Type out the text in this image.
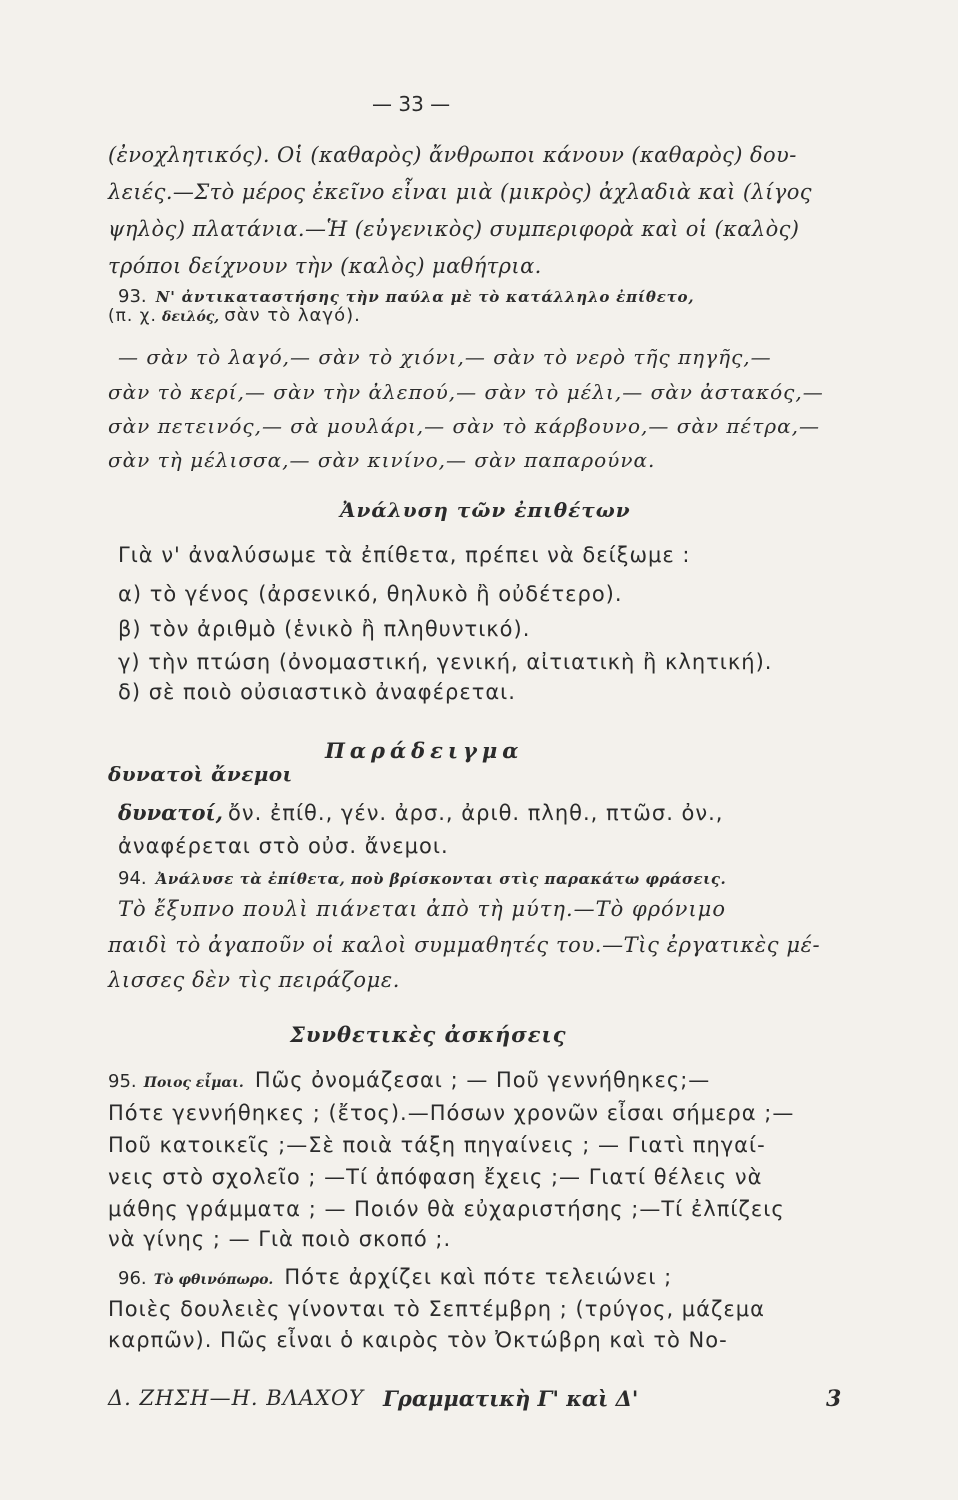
— 33 —
(ἐνοχλητικός). Οἱ (καθαρὸς) ἄνθρωποι κάνουν (καθαρὸς) δου-
λειές.—Στὸ μέρος ἐκεῖνο εἶναι μιὰ (μικρὸς) ἀχλαδιὰ καὶ (λίγος
ψηλὸς) πλατάνια.—Ἡ (εὐγενικὸς) συμπεριφορὰ καὶ οἱ (καλὸς)
τρόποι δείχνουν τὴν (καλὸς) μαθήτρια.
93. Ν' ἀντικαταστήσης τὴν παύλα μὲ τὸ κατάλληλο ἐπίθετο,
(π. χ. δειλός, σὰν τὸ λαγό).
— σὰν τὸ λαγό,— σὰν τὸ χιόνι,— σὰν τὸ νερὸ τῆς πηγῆς,—
σὰν τὸ κερί,— σὰν τὴν ἀλεπού,— σὰν τὸ μέλι,— σὰν ἀστακός,—
σὰν πετεινός,— σὰ μουλάρι,— σὰν τὸ κάρβουνο,— σὰν πέτρα,—
σὰν τὴ μέλισσα,— σὰν κινίνο,— σὰν παπαρούνα.
Ἀνάλυση τῶν ἐπιθέτων
Γιὰ ν' ἀναλύσωμε τὰ ἐπίθετα, πρέπει νὰ δείξωμε :
α) τὸ γένος (ἀρσενικό, θηλυκὸ ἢ οὐδέτερο).
β) τὸν ἀριθμὸ (ἑνικὸ ἢ πληθυντικό).
γ) τὴν πτώση (ὀνομαστική, γενική, αἰτιατικὴ ἢ κλητική).
δ) σὲ ποιὸ οὐσιαστικὸ ἀναφέρεται.
Παράδειγμα
δυνατοὶ ἄνεμοι
δυνατοί, ὄν. ἐπίθ., γέν. ἀρσ., ἀριθ. πληθ., πτῶσ. ὀν.,
ἀναφέρεται στὸ οὐσ. ἄνεμοι.
94. Ἀνάλυσε τὰ ἐπίθετα, ποὺ βρίσκονται στὶς παρακάτω φράσεις.
Τὸ ἔξυπνο πουλὶ πιάνεται ἀπὸ τὴ μύτη.—Τὸ φρόνιμο
παιδὶ τὸ ἀγαποῦν οἱ καλοὶ συμμαθητές του.—Τὶς ἐργατικὲς μέ-
λισσες δὲν τὶς πειράζομε.
Συνθετικὲς ἀσκήσεις
95. Ποιος εἶμαι. Πῶς ὀνομάζεσαι ; — Ποῦ γεννήθηκες;—
Πότε γεννήθηκες ; (ἔτος).—Πόσων χρονῶν εἶσαι σήμερα ;—
Ποῦ κατοικεῖς ;—Σὲ ποιὰ τάξη πηγαίνεις ; — Γιατὶ πηγαί-
νεις στὸ σχολεῖο ; —Τί ἀπόφαση ἔχεις ;— Γιατί θέλεις νὰ
μάθης γράμματα ; — Ποιόν θὰ εὐχαριστήσης ;—Τί ἐλπίζεις
νὰ γίνης ; — Γιὰ ποιὸ σκοπό ;.
96. Τὸ φθινόπωρο. Πότε ἀρχίζει καὶ πότε τελειώνει ;
Ποιὲς δουλειὲς γίνονται τὸ Σεπτέμβρη ; (τρύγος, μάζεμα
καρπῶν). Πῶς εἶναι ὁ καιρὸς τὸν Ὀκτώβρη καὶ τὸ Νο-
Δ. ΖΗΣΗ—Η. ΒΛΑΧΟΥ Γραμματικὴ Γ' καὶ Δ'	3
